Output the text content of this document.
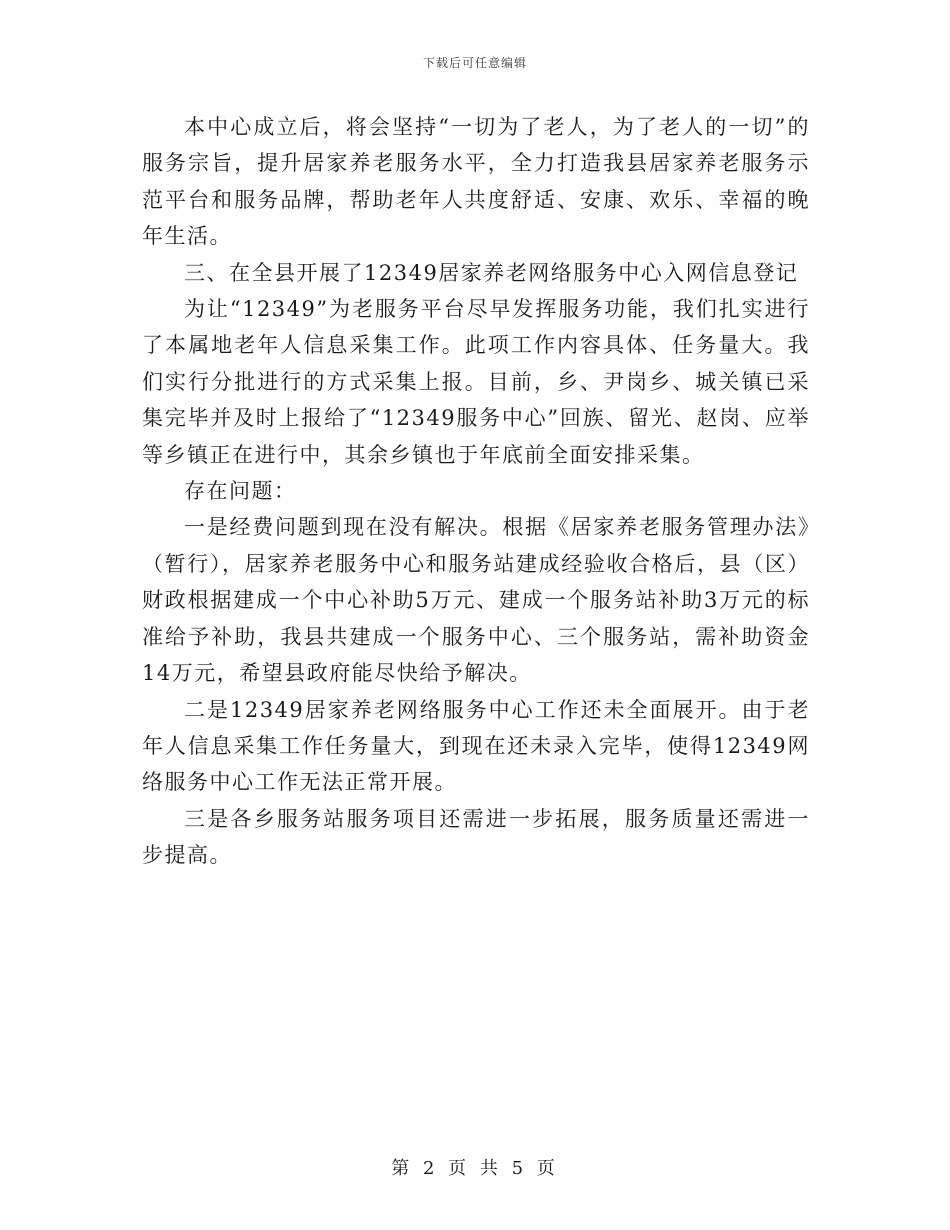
下载后可任意编辑

本中心成立后，将会坚持“一切为了老人，为了老人的一切”的服务宗旨，提升居家养老服务水平，全力打造我县居家养老服务示范平台和服务品牌，帮助老年人共度舒适、安康、欢乐、幸福的晚年生活。

三、在全县开展了12349居家养老网络服务中心入网信息登记

为让“12349”为老服务平台尽早发挥服务功能，我们扎实进行了本属地老年人信息采集工作。此项工作内容具体、任务量大。我们实行分批进行的方式采集上报。目前，乡、尹岗乡、城关镇已采集完毕并及时上报给了“12349服务中心”回族、留光、赵岗、应举等乡镇正在进行中，其余乡镇也于年底前全面安排采集。

存在问题：

一是经费问题到现在没有解决。根据《居家养老服务管理办法》（暂行），居家养老服务中心和服务站建成经验收合格后，县（区）财政根据建成一个中心补助5万元、建成一个服务站补助3万元的标准给予补助，我县共建成一个服务中心、三个服务站，需补助资金14万元，希望县政府能尽快给予解决。

二是12349居家养老网络服务中心工作还未全面展开。由于老年人信息采集工作任务量大，到现在还未录入完毕，使得12349网络服务中心工作无法正常开展。

三是各乡服务站服务项目还需进一步拓展，服务质量还需进一步提高。

第 2 页 共 5 页
